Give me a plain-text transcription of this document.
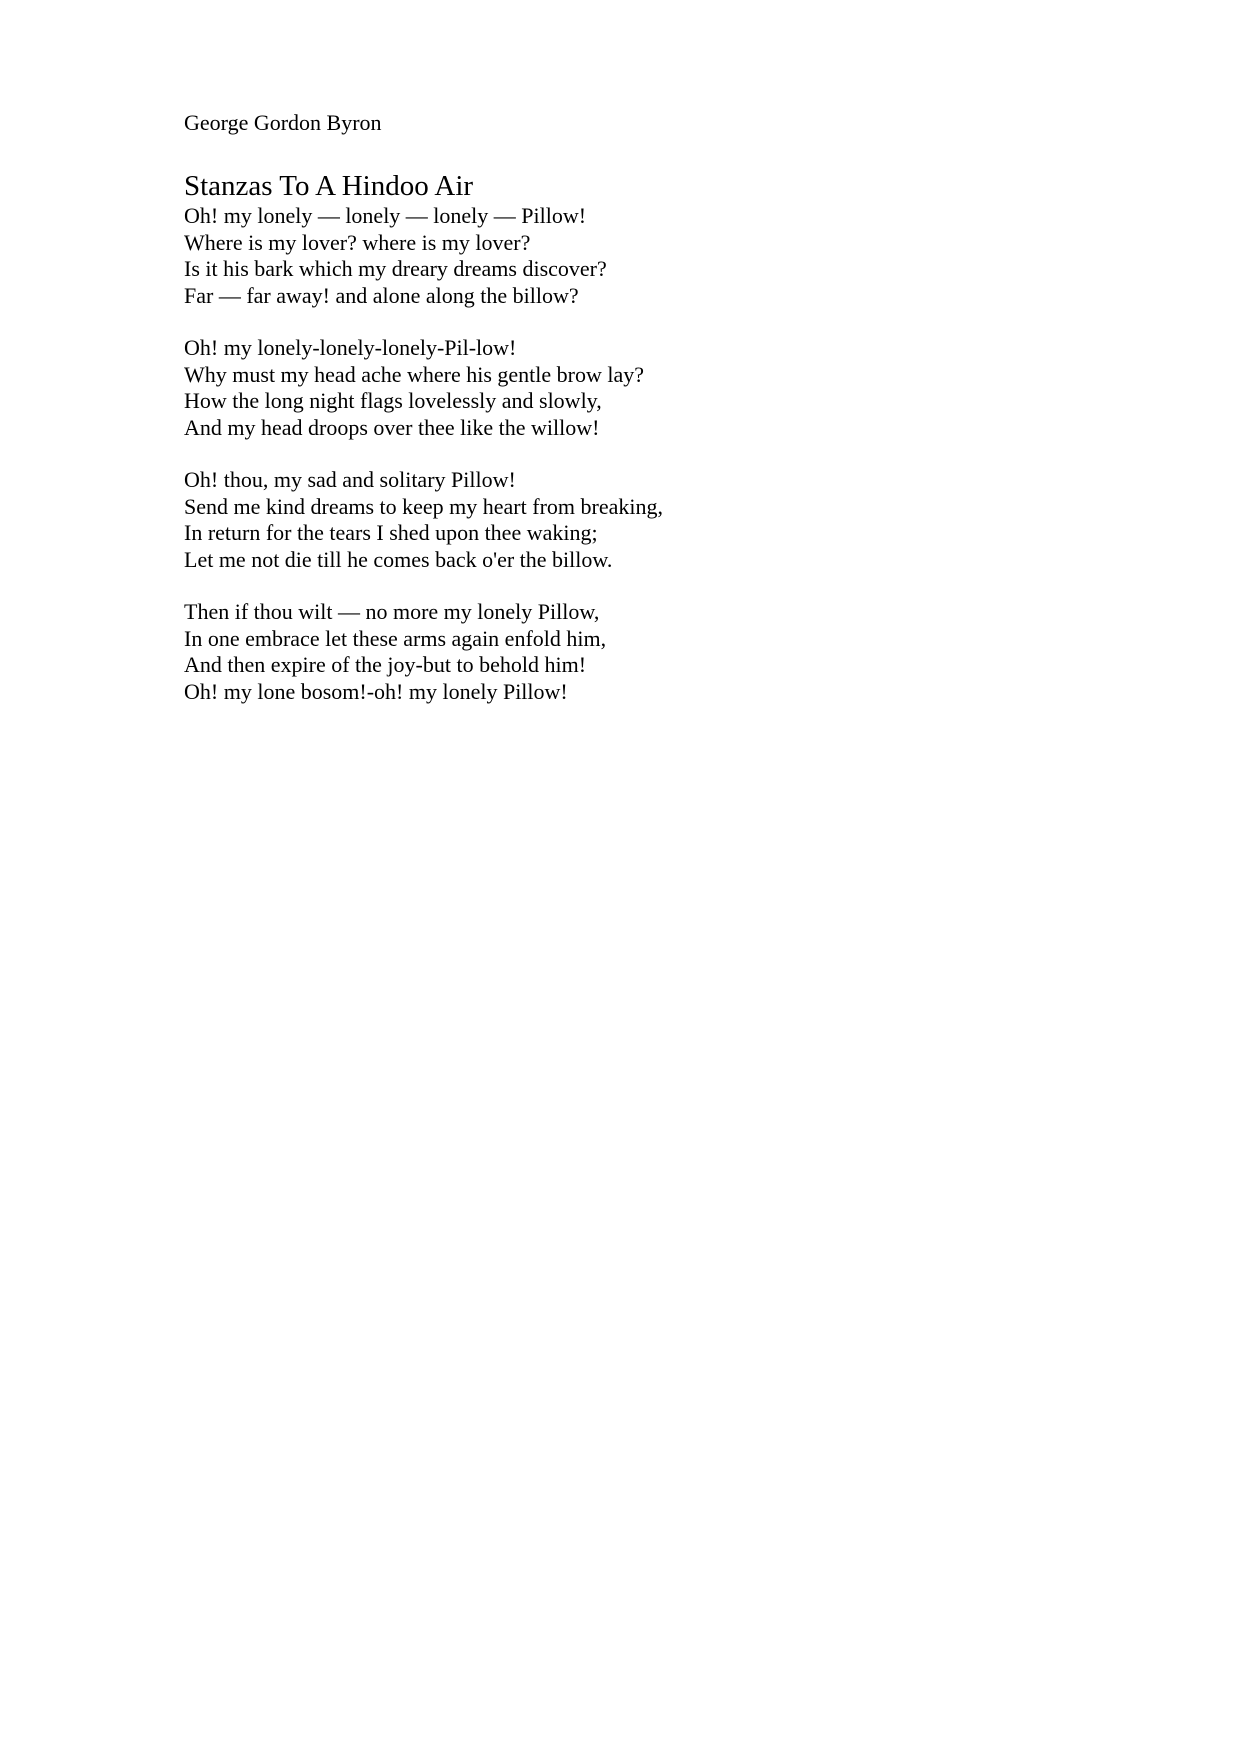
George Gordon Byron

Stanzas To A Hindoo Air
Oh! my lonely — lonely — lonely — Pillow!
Where is my lover? where is my lover?
Is it his bark which my dreary dreams discover?
Far — far away! and alone along the billow?
Oh! my lonely-lonely-lonely-Pil-low!
Why must my head ache where his gentle brow lay?
How the long night flags lovelessly and slowly,
And my head droops over thee like the willow!
Oh! thou, my sad and solitary Pillow!
Send me kind dreams to keep my heart from breaking,
In return for the tears I shed upon thee waking;
Let me not die till he comes back o'er the billow.
Then if thou wilt — no more my lonely Pillow,
In one embrace let these arms again enfold him,
And then expire of the joy-but to behold him!
Oh! my lone bosom!-oh! my lonely Pillow!
